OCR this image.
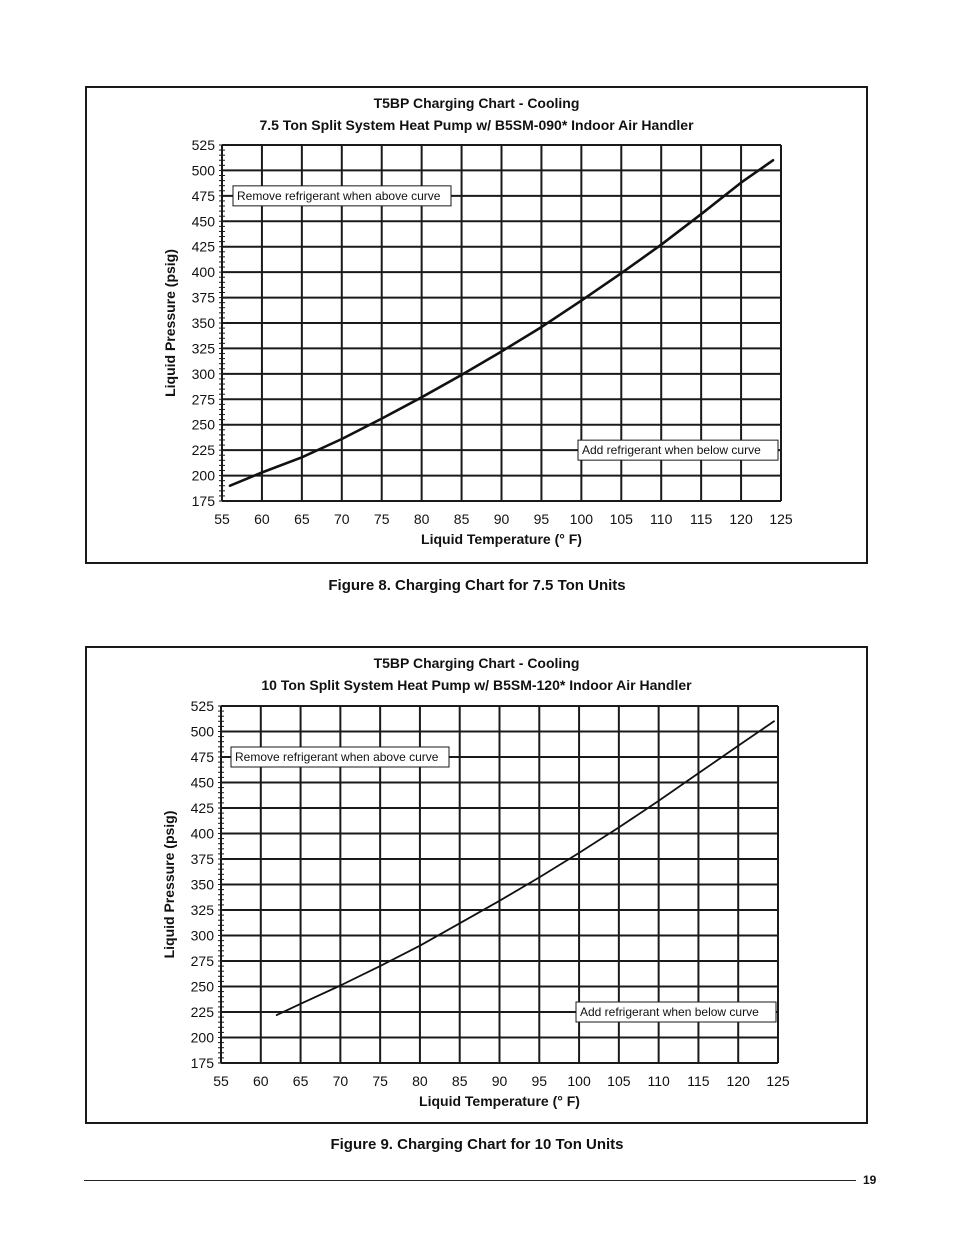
T5BP Charging Chart - Cooling
7.5 Ton Split System Heat Pump w/ B5SM-090* Indoor Air Handler
175
200
225
250
275
300
325
350
375
400
425
450
475
500
525
55 60 65 70 75 80 85 90 95 100 105 110 115 120 125
Liquid Temperature (° F)
Liquid Pressure (psig)
Remove refrigerant when above curve
Add refrigerant when below curve
Figure 8. Charging Chart for 7.5 Ton Units
T5BP Charging Chart - Cooling
10 Ton Split System Heat Pump w/ B5SM-120* Indoor Air Handler
175
200
225
250
275
300
325
350
375
400
425
450
475
500
525
55 60 65 70 75 80 85 90 95 100 105 110 115 120 125
Liquid Temperature (° F)
Liquid Pressure (psig)
Remove refrigerant when above curve
Add refrigerant when below curve
Figure 9. Charging Chart for 10 Ton Units
19
